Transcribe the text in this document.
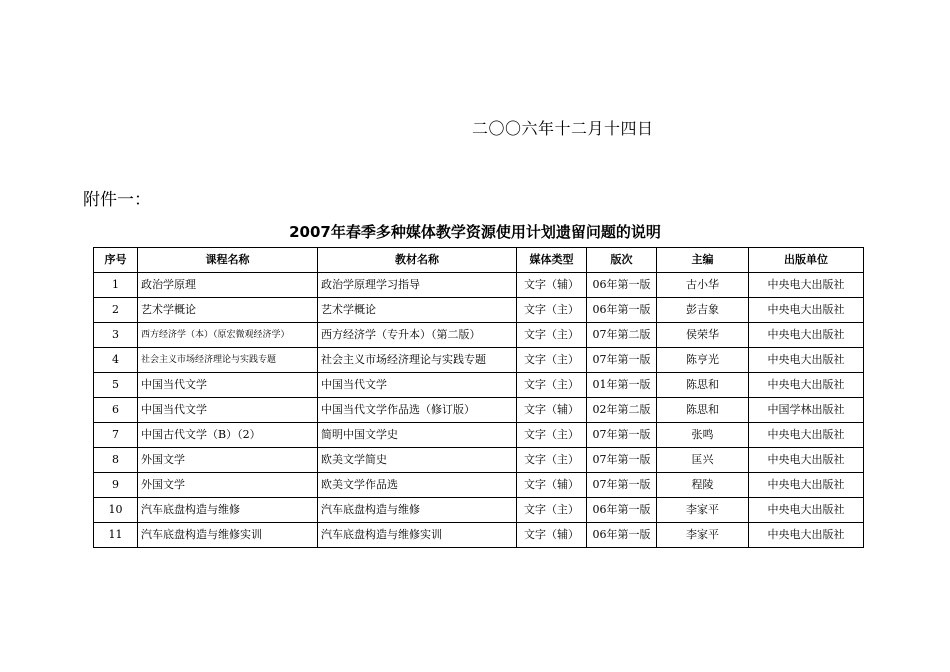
二〇〇六年十二月十四日
附件一：
2007年春季多种媒体教学资源使用计划遗留问题的说明
序号	课程名称	教材名称	媒体类型	版次	主编	出版单位
1	政治学原理	政治学原理学习指导	文字（辅）	06年第一版	古小华	中央电大出版社
2	艺术学概论	艺术学概论	文字（主）	06年第一版	彭吉象	中央电大出版社
3	西方经济学（本）（原宏微观经济学）	西方经济学（专升本）（第二版）	文字（主）	07年第二版	侯荣华	中央电大出版社
4	社会主义市场经济理论与实践专题	社会主义市场经济理论与实践专题	文字（主）	07年第一版	陈亨光	中央电大出版社
5	中国当代文学	中国当代文学	文字（主）	01年第一版	陈思和	中央电大出版社
6	中国当代文学	中国当代文学作品选（修订版）	文字（辅）	02年第二版	陈思和	中国学林出版社
7	中国古代文学（B）（2）	简明中国文学史	文字（主）	07年第一版	张鸣	中央电大出版社
8	外国文学	欧美文学简史	文字（主）	07年第一版	匡兴	中央电大出版社
9	外国文学	欧美文学作品选	文字（辅）	07年第一版	程陵	中央电大出版社
10	汽车底盘构造与维修	汽车底盘构造与维修	文字（主）	06年第一版	李家平	中央电大出版社
11	汽车底盘构造与维修实训	汽车底盘构造与维修实训	文字（辅）	06年第一版	李家平	中央电大出版社
